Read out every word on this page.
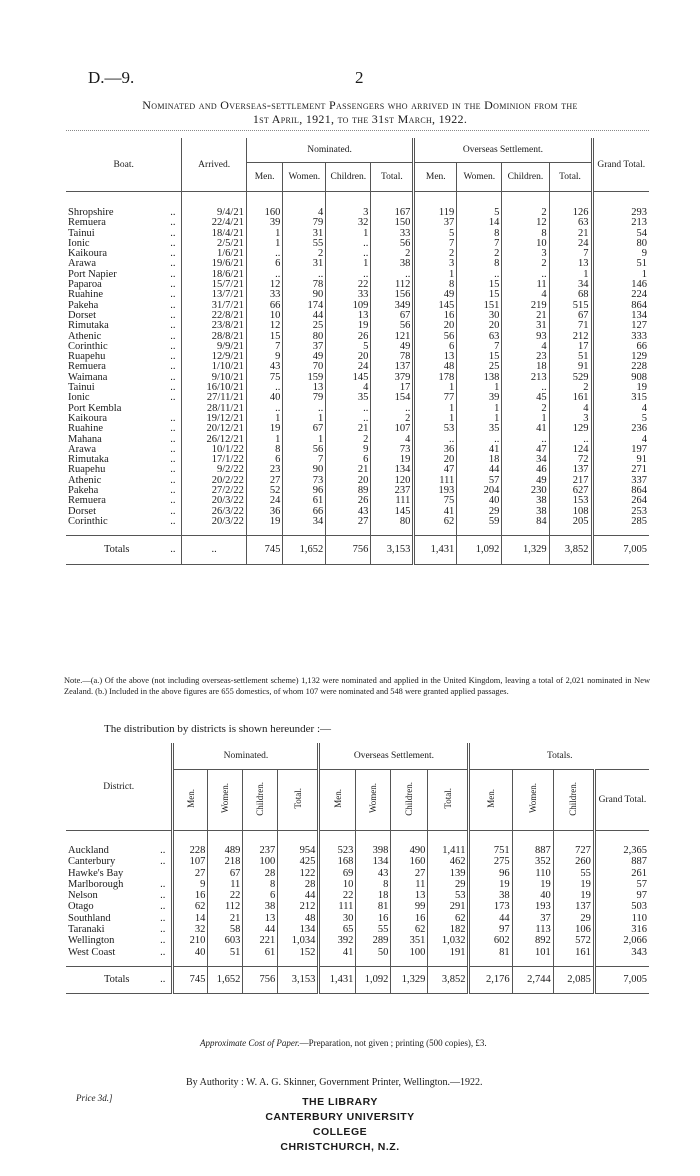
D.—9.	2
Nominated and Overseas-settlement Passengers who arrived in the Dominion from the
1st April, 1921, to the 31st March, 1922.
Boat.	Arrived.	Nominated.				Overseas Settlement.				Grand Total.
		Men.	Women.	Children.	Total.	Men.	Women.	Children.	Total.	

Shropshire ..	9/4/21	160	4	3	167	119	5	2	126	293
Remuera ..	22/4/21	39	79	32	150	37	14	12	63	213
Tainui ..	18/4/21	1	31	1	33	5	8	8	21	54
Ionic ..	2/5/21	1	55	..	56	7	7	10	24	80
Kaikoura ..	1/6/21	..	2	..	2	2	2	3	7	9
Arawa ..	19/6/21	6	31	1	38	3	8	2	13	51
Port Napier ..	18/6/21	..	..	..	..	1	..	..	1	1
Paparoa ..	15/7/21	12	78	22	112	8	15	11	34	146
Ruahine ..	13/7/21	33	90	33	156	49	15	4	68	224
Pakeha ..	31/7/21	66	174	109	349	145	151	219	515	864
Dorset ..	22/8/21	10	44	13	67	16	30	21	67	134
Rimutaka ..	23/8/21	12	25	19	56	20	20	31	71	127
Athenic ..	28/8/21	15	80	26	121	56	63	93	212	333
Corinthic ..	9/9/21	7	37	5	49	6	7	4	17	66
Ruapehu ..	12/9/21	9	49	20	78	13	15	23	51	129
Remuera ..	1/10/21	43	70	24	137	48	25	18	91	228
Waimana ..	9/10/21	75	159	145	379	178	138	213	529	908
Tainui ..	16/10/21	..	13	4	17	1	1	..	2	19
Ionic ..	27/11/21	40	79	35	154	77	39	45	161	315
Port Kembla	28/11/21	..	..	..	..	1	1	2	4	4
Kaikoura ..	19/12/21	1	1	..	2	1	1	1	3	5
Ruahine ..	20/12/21	19	67	21	107	53	35	41	129	236
Mahana ..	26/12/21	1	1	2	4	..	..	..	..	4
Arawa ..	10/1/22	8	56	9	73	36	41	47	124	197
Rimutaka ..	17/1/22	6	7	6	19	20	18	34	72	91
Ruapehu ..	9/2/22	23	90	21	134	47	44	46	137	271
Athenic ..	20/2/22	27	73	20	120	111	57	49	217	337
Pakeha ..	27/2/22	52	96	89	237	193	204	230	627	864
Remuera ..	20/3/22	24	61	26	111	75	40	38	153	264
Dorset ..	26/3/22	36	66	43	145	41	29	38	108	253
Corinthic ..	20/3/22	19	34	27	80	62	59	84	205	285

Totals ..	..	745	1,652	756	3,153	1,431	1,092	1,329	3,852	7,005
Note.—(a.) Of the above (not including overseas-settlement scheme) 1,132 were nominated and applied in the United Kingdom, leaving a total of 2,021 nominated in New Zealand. (b.) Included in the above figures are 655 domestics, of whom 107 were nominated and 548 were granted applied passages.
The distribution by districts is shown hereunder :—
District.	Nominated.				Overseas Settlement.				Totals.			
	Men.	Women.	Children.	Total.	Men.	Women.	Children.	Total.	Men.	Women.	Children.	Grand Total.

Auckland ..	228	489	237	954	523	398	490	1,411	751	887	727	2,365
Canterbury ..	107	218	100	425	168	134	160	462	275	352	260	887
Hawke's Bay	27	67	28	122	69	43	27	139	96	110	55	261
Marlborough ..	9	11	8	28	10	8	11	29	19	19	19	57
Nelson ..	16	22	6	44	22	18	13	53	38	40	19	97
Otago ..	62	112	38	212	111	81	99	291	173	193	137	503
Southland ..	14	21	13	48	30	16	16	62	44	37	29	110
Taranaki ..	32	58	44	134	65	55	62	182	97	113	106	316
Wellington ..	210	603	221	1,034	392	289	351	1,032	602	892	572	2,066
West Coast ..	40	51	61	152	41	50	100	191	81	101	161	343

Totals ..	745	1,652	756	3,153	1,431	1,092	1,329	3,852	2,176	2,744	2,085	7,005
Approximate Cost of Paper.—Preparation, not given ; printing (500 copies), £3.
By Authority : W. A. G. Skinner, Government Printer, Wellington.—1922.
Price 3d.]	THE LIBRARY
CANTERBURY UNIVERSITY COLLEGE
CHRISTCHURCH, N.Z.
